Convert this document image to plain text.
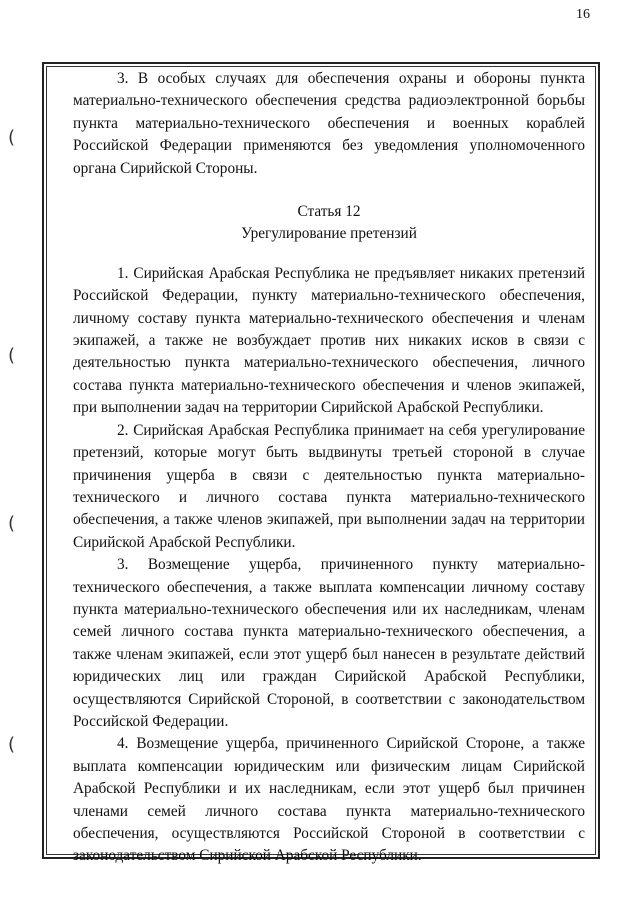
16
(
(
(
(

3. В особых случаях для обеспечения охраны и обороны пункта материально-технического обеспечения средства радиоэлектронной борьбы пункта материально-технического обеспечения и военных кораблей Российской Федерации применяются без уведомления уполномоченного органа Сирийской Стороны.

Статья 12
Урегулирование претензий

1. Сирийская Арабская Республика не предъявляет никаких претензий Российской Федерации, пункту материально-технического обеспечения, личному составу пункта материально-технического обеспечения и членам экипажей, а также не возбуждает против них никаких исков в связи с деятельностью пункта материально-технического обеспечения, личного состава пункта материально-технического обеспечения и членов экипажей, при выполнении задач на территории Сирийской Арабской Республики.

2. Сирийская Арабская Республика принимает на себя урегулирование претензий, которые могут быть выдвинуты третьей стороной в случае причинения ущерба в связи с деятельностью пункта материально-технического и личного состава пункта материально-технического обеспечения, а также членов экипажей, при выполнении задач на территории Сирийской Арабской Республики.

3. Возмещение ущерба, причиненного пункту материально-технического обеспечения, а также выплата компенсации личному составу пункта материально-технического обеспечения или их наследникам, членам семей личного состава пункта материально-технического обеспечения, а также членам экипажей, если этот ущерб был нанесен в результате действий юридических лиц или граждан Сирийской Арабской Республики, осуществляются Сирийской Стороной, в соответствии с законодательством Российской Федерации.

4. Возмещение ущерба, причиненного Сирийской Стороне, а также выплата компенсации юридическим или физическим лицам Сирийской Арабской Республики и их наследникам, если этот ущерб был причинен членами семей личного состава пункта материально-технического обеспечения, осуществляются Российской Стороной в соответствии с законодательством Сирийской Арабской Республики.
